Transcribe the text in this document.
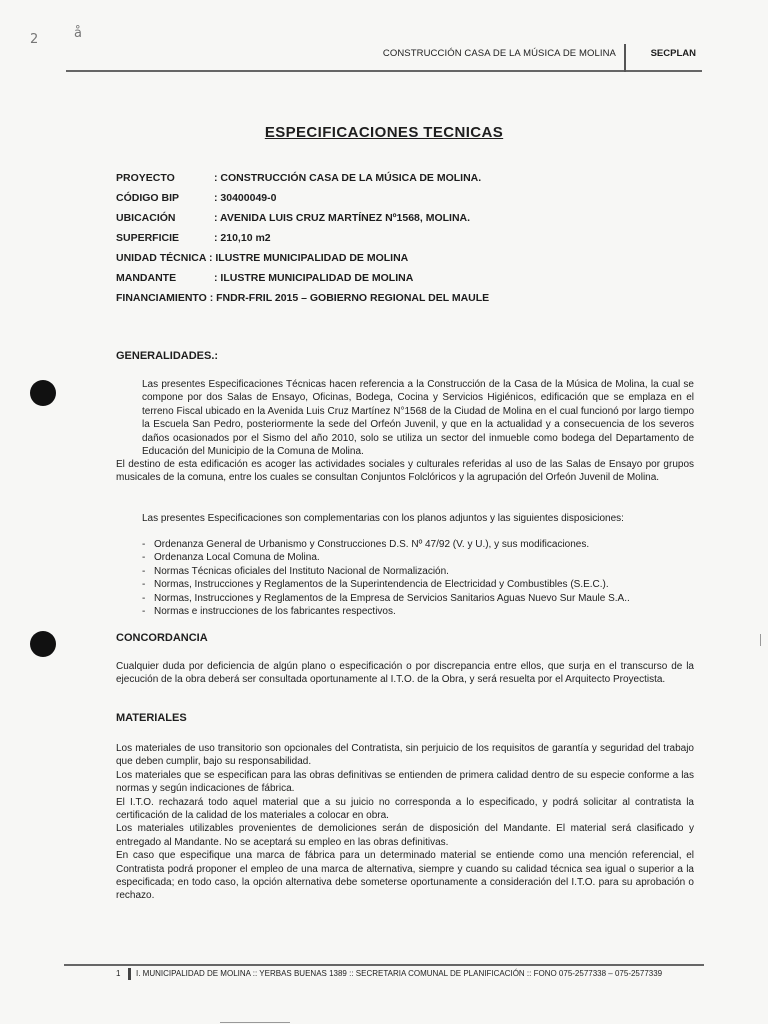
2	å
CONSTRUCCIÓN CASA DE LA MÚSICA DE MOLINA	SECPLAN
ESPECIFICACIONES TECNICAS
PROYECTO	: CONSTRUCCIÓN CASA DE LA MÚSICA DE MOLINA.
CÓDIGO BIP	: 30400049-0
UBICACIÓN	: AVENIDA LUIS CRUZ MARTÍNEZ Nº1568, MOLINA.
SUPERFICIE	: 210,10 m2
UNIDAD TÉCNICA : ILUSTRE MUNICIPALIDAD DE MOLINA
MANDANTE	: ILUSTRE MUNICIPALIDAD DE MOLINA
FINANCIAMIENTO : FNDR-FRIL 2015 – GOBIERNO REGIONAL DEL MAULE
GENERALIDADES.:

Las presentes Especificaciones Técnicas hacen referencia a la Construcción de la Casa de la Música de Molina, la cual se compone por dos Salas de Ensayo, Oficinas, Bodega, Cocina y Servicios Higiénicos, edificación que se emplaza en el terreno Fiscal ubicado en la Avenida Luis Cruz Martínez N°1568 de la Ciudad de Molina en el cual funcionó por largo tiempo la Escuela San Pedro, posteriormente la sede del Orfeón Juvenil, y que en la actualidad y a consecuencia de los severos daños ocasionados por el Sismo del año 2010, solo se utiliza un sector del inmueble como bodega del Departamento de Educación del Municipio de la Comuna de Molina.

El destino de esta edificación es acoger las actividades sociales y culturales referidas al uso de las Salas de Ensayo por grupos musicales de la comuna, entre los cuales se consultan Conjuntos Folclóricos y la agrupación del Orfeón Juvenil de Molina.

Las presentes Especificaciones son complementarias con los planos adjuntos y las siguientes disposiciones:

- Ordenanza General de Urbanismo y Construcciones D.S. Nº 47/92 (V. y U.), y sus modificaciones.
- Ordenanza Local Comuna de Molina.
- Normas Técnicas oficiales del Instituto Nacional de Normalización.
- Normas, Instrucciones y Reglamentos de la Superintendencia de Electricidad y Combustibles (S.E.C.).
- Normas, Instrucciones y Reglamentos de la Empresa de Servicios Sanitarios Aguas Nuevo Sur Maule S.A..
- Normas e instrucciones de los fabricantes respectivos.
CONCORDANCIA

Cualquier duda por deficiencia de algún plano o especificación o por discrepancia entre ellos, que surja en el transcurso de la ejecución de la obra deberá ser consultada oportunamente al I.T.O. de la Obra, y será resuelta por el Arquitecto Proyectista.

MATERIALES

Los materiales de uso transitorio son opcionales del Contratista, sin perjuicio de los requisitos de garantía y seguridad del trabajo que deben cumplir, bajo su responsabilidad.

Los materiales que se especifican para las obras definitivas se entienden de primera calidad dentro de su especie conforme a las normas y según indicaciones de fábrica.

El I.T.O. rechazará todo aquel material que a su juicio no corresponda a lo especificado, y podrá solicitar al contratista la certificación de la calidad de los materiales a colocar en obra.

Los materiales utilizables provenientes de demoliciones serán de disposición del Mandante. El material será clasificado y entregado al Mandante. No se aceptará su empleo en las obras definitivas.

En caso que especifique una marca de fábrica para un determinado material se entiende como una mención referencial, el Contratista podrá proponer el empleo de una marca de alternativa, siempre y cuando su calidad técnica sea igual o superior a la especificada; en todo caso, la opción alternativa debe someterse oportunamente a consideración del I.T.O. para su aprobación o rechazo.

1 I. MUNICIPALIDAD DE MOLINA :: YERBAS BUENAS 1389 :: SECRETARIA COMUNAL DE PLANIFICACIÓN :: FONO 075-2577338 – 075-2577339
